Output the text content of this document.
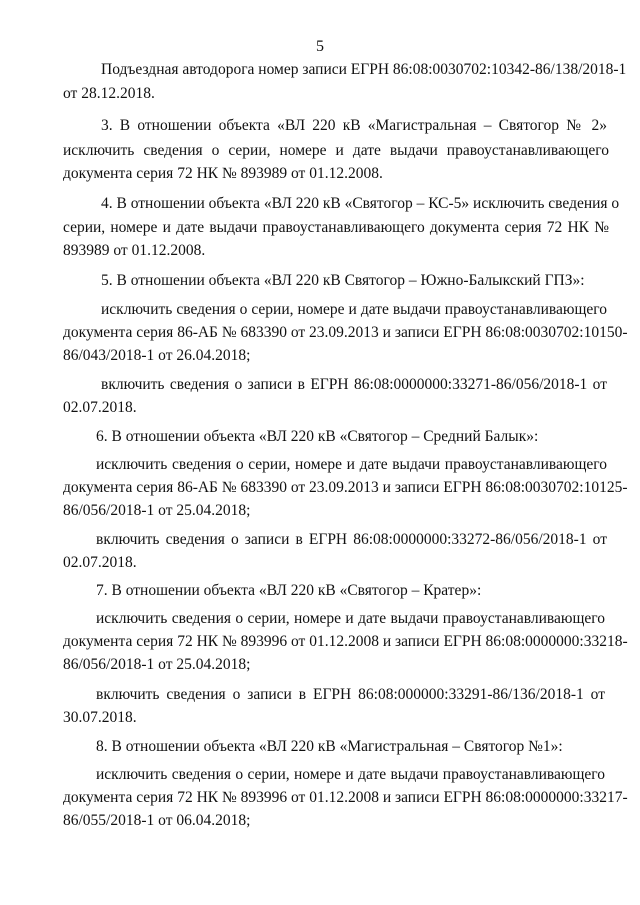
5
Подъездная автодорога номер записи ЕГРН 86:08:0030702:10342-86/138/2018-1
от 28.12.2018.
3. В отношении объекта «ВЛ 220 кВ «Магистральная – Святогор № 2»
исключить сведения о серии, номере и дате выдачи правоустанавливающего
документа серия 72 НК № 893989 от 01.12.2008.
4. В отношении объекта «ВЛ 220 кВ «Святогор – КС-5» исключить сведения о
серии, номере и дате выдачи правоустанавливающего документа серия 72 НК №
893989 от 01.12.2008.
5. В отношении объекта «ВЛ 220 кВ Святогор – Южно-Балыкский ГПЗ»:
исключить сведения о серии, номере и дате выдачи правоустанавливающего
документа серия 86-АБ № 683390 от 23.09.2013 и записи ЕГРН 86:08:0030702:10150-
86/043/2018-1 от 26.04.2018;
включить сведения о записи в ЕГРН 86:08:0000000:33271-86/056/2018-1 от
02.07.2018.
6. В отношении объекта «ВЛ 220 кВ «Святогор – Средний Балык»:
исключить сведения о серии, номере и дате выдачи правоустанавливающего
документа серия 86-АБ № 683390 от 23.09.2013 и записи ЕГРН 86:08:0030702:10125-
86/056/2018-1 от 25.04.2018;
включить сведения о записи в ЕГРН 86:08:0000000:33272-86/056/2018-1 от
02.07.2018.
7. В отношении объекта «ВЛ 220 кВ «Святогор – Кратер»:
исключить сведения о серии, номере и дате выдачи правоустанавливающего
документа серия 72 НК № 893996 от 01.12.2008 и записи ЕГРН 86:08:0000000:33218-
86/056/2018-1 от 25.04.2018;
включить сведения о записи в ЕГРН 86:08:000000:33291-86/136/2018-1 от
30.07.2018.
8. В отношении объекта «ВЛ 220 кВ «Магистральная – Святогор №1»:
исключить сведения о серии, номере и дате выдачи правоустанавливающего
документа серия 72 НК № 893996 от 01.12.2008 и записи ЕГРН 86:08:0000000:33217-
86/055/2018-1 от 06.04.2018;
